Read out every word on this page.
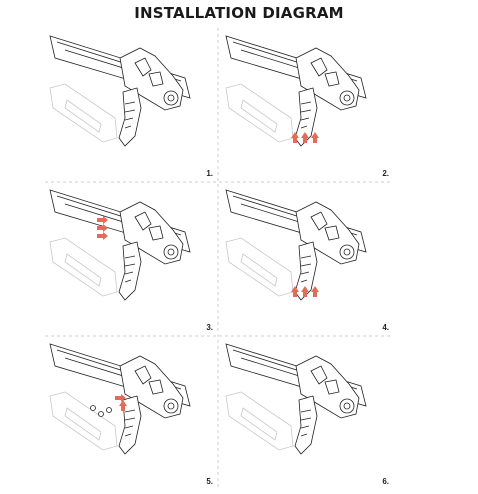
INSTALLATION DIAGRAM
1.	2.
3.	4.
5.	6.
